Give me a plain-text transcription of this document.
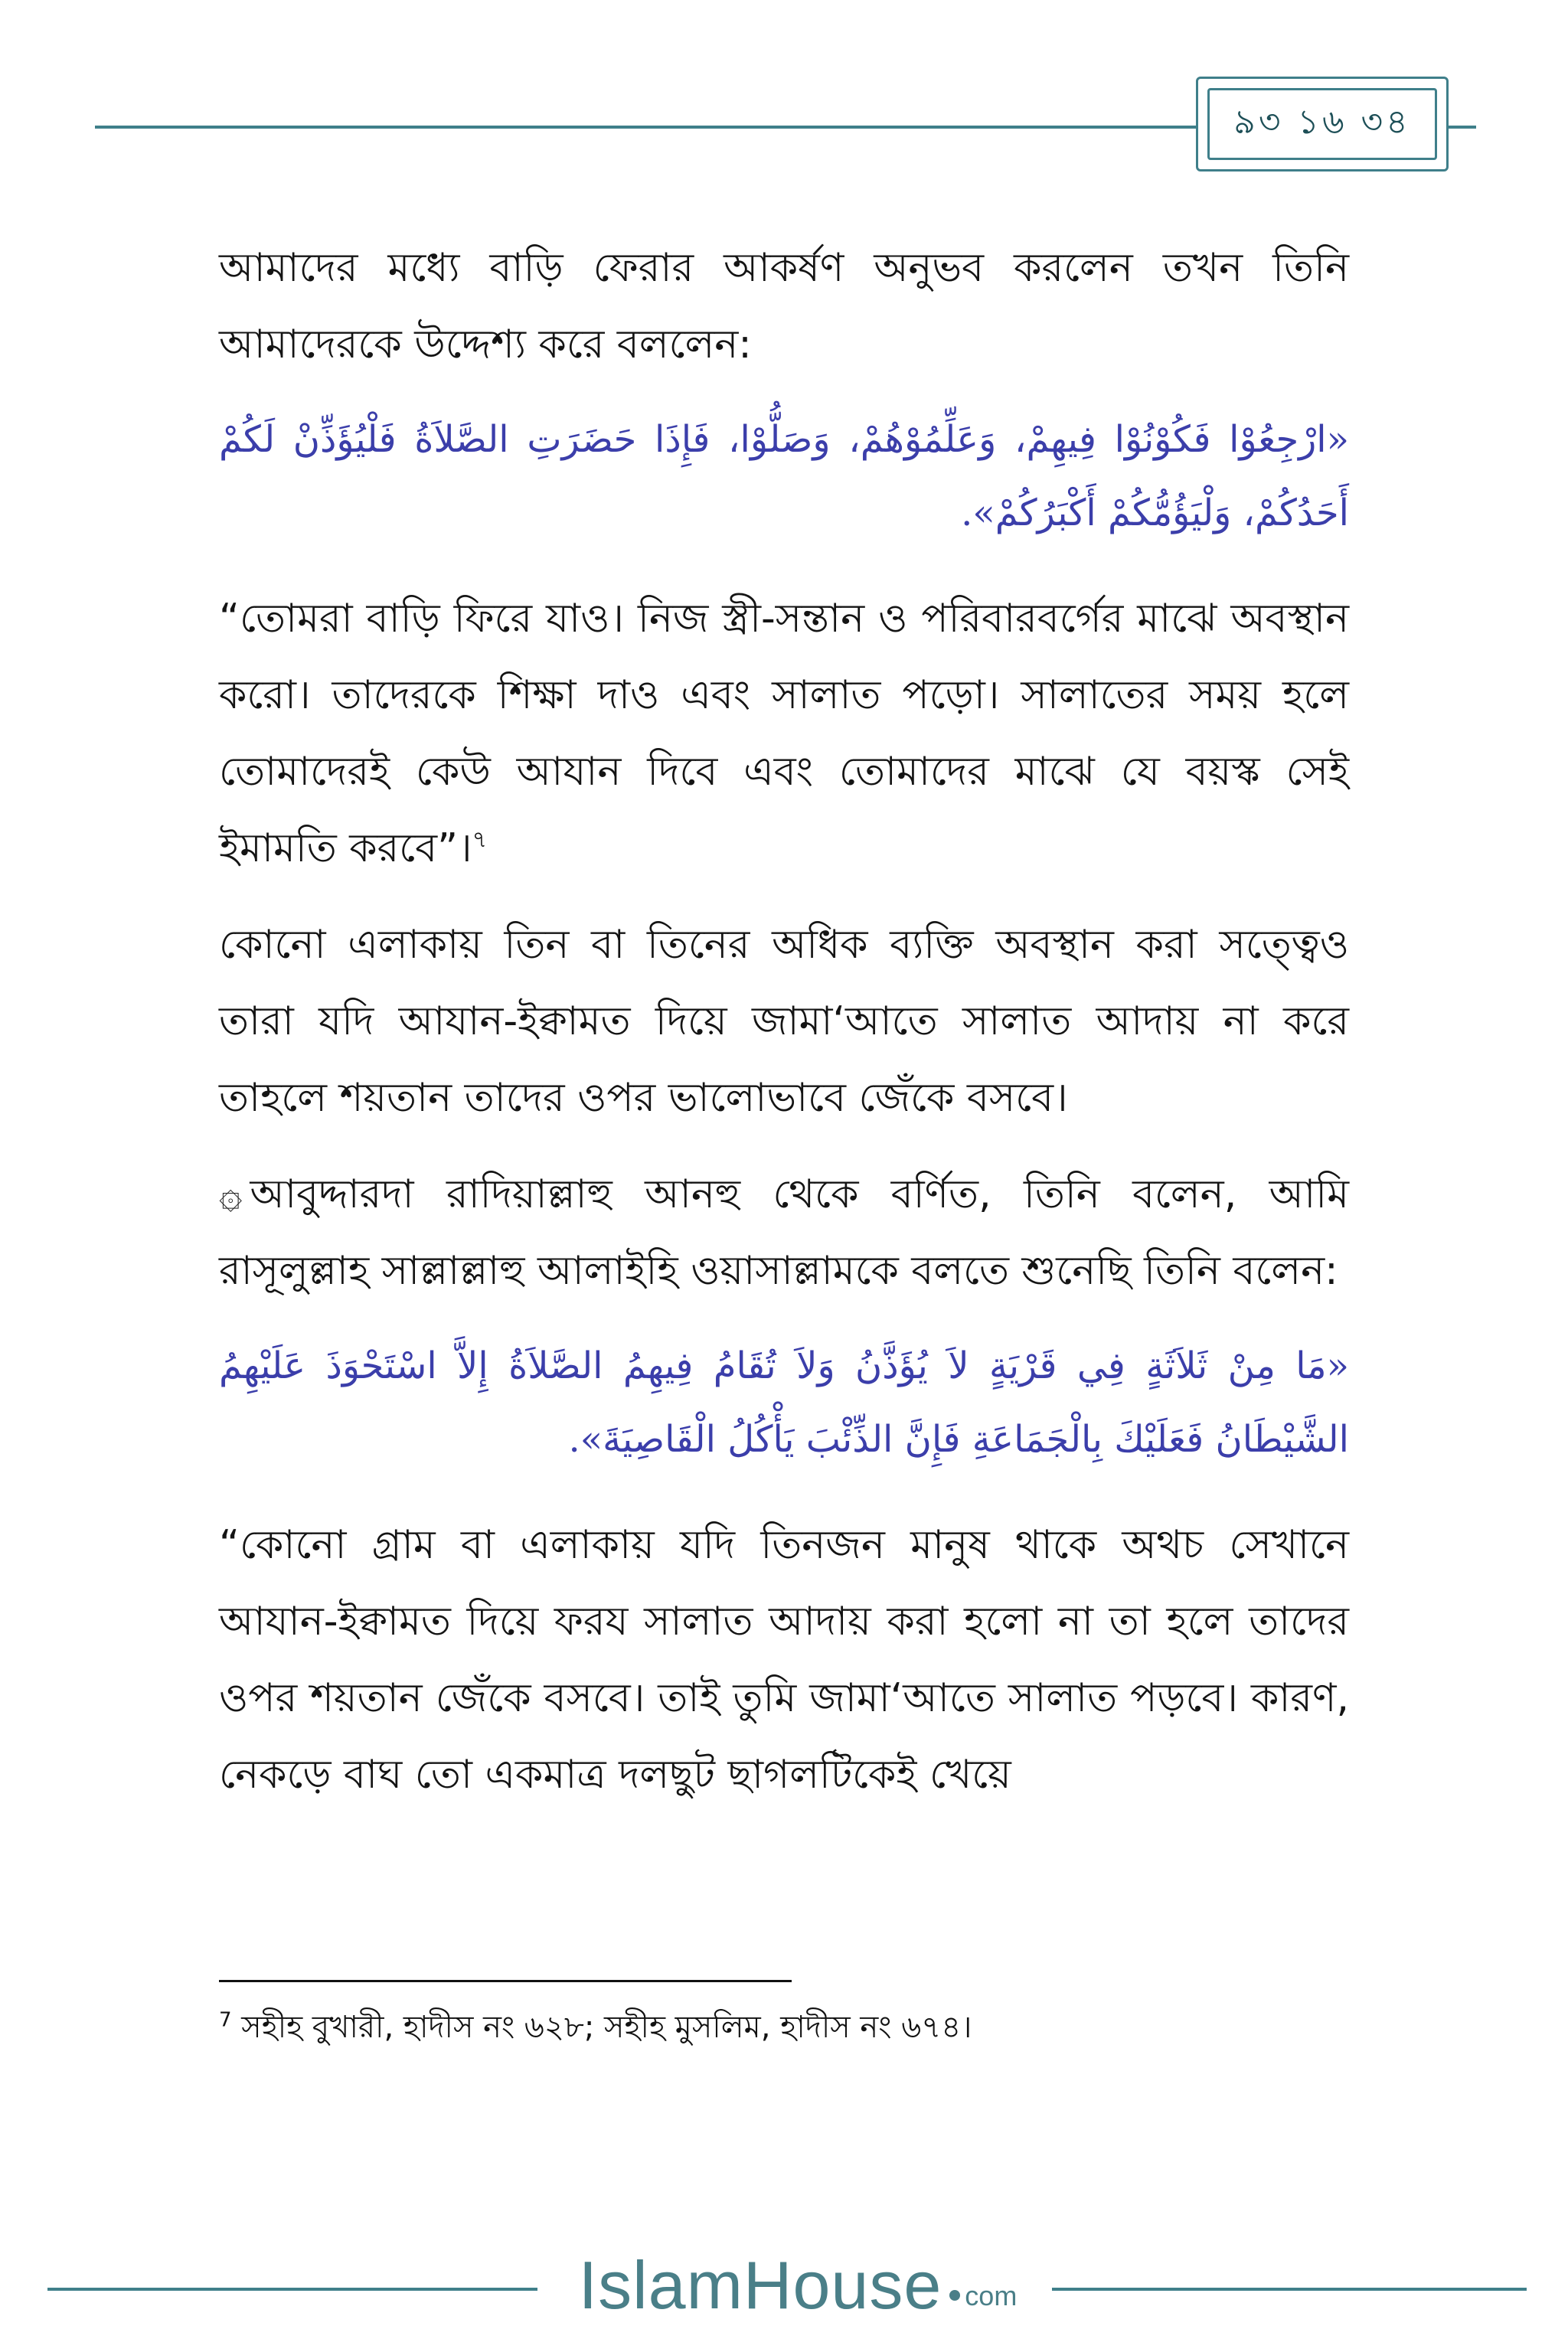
৯৩ ১৬ ৩৪

আমাদের মধ্যে বাড়ি ফেরার আকর্ষণ অনুভব করলেন তখন তিনি আমাদেরকে উদ্দেশ্য করে বললেন:

«ارْجِعُوْا فَكُوْنُوْا فِيهِمْ، وَعَلِّمُوْهُمْ، وَصَلُّوْا، فَإِذَا حَضَرَتِ الصَّلاَةُ فَلْيُؤَذِّنْ لَكُمْ أَحَدُكُمْ، وَلْيَؤُمُّكُمْ أَكْبَرُكُمْ».

“তোমরা বাড়ি ফিরে যাও। নিজ স্ত্রী-সন্তান ও পরিবারবর্গের মাঝে অবস্থান করো। তাদেরকে শিক্ষা দাও এবং সালাত পড়ো। সালাতের সময় হলে তোমাদেরই কেউ আযান দিবে এবং তোমাদের মাঝে যে বয়স্ক সেই ইমামতি করবে”।$^৭$

কোনো এলাকায় তিন বা তিনের অধিক ব্যক্তি অবস্থান করা সত্ত্বেও তারা যদি আযান-ইক্বামত দিয়ে জামা‘আতে সালাত আদায় না করে তাহলে শয়তান তাদের ওপর ভালোভাবে জেঁকে বসবে।

۞ আবুদ্দারদা রাদিয়াল্লাহু আনহু থেকে বর্ণিত, তিনি বলেন, আমি রাসূলুল্লাহ সাল্লাল্লাহু আলাইহি ওয়াসাল্লামকে বলতে শুনেছি তিনি বলেন:

«مَا مِنْ ثَلاَثَةٍ فِي قَرْيَةٍ لاَ يُؤَذَّنُ وَلاَ تُقَامُ فِيهِمُ الصَّلاَةُ إِلاَّ اسْتَحْوَذَ عَلَيْهِمُ الشَّيْطَانُ فَعَلَيْكَ بِالْجَمَاعَةِ فَإِنَّ الذِّئْبَ يَأْكُلُ الْقَاصِيَةَ».

“কোনো গ্রাম বা এলাকায় যদি তিনজন মানুষ থাকে অথচ সেখানে আযান-ইক্বামত দিয়ে ফরয সালাত আদায় করা হলো না তা হলে তাদের ওপর শয়তান জেঁকে বসবে। তাই তুমি জামা‘আতে সালাত পড়বে। কারণ, নেকড়ে বাঘ তো একমাত্র দলছুট ছাগলটিকেই খেয়ে

$^7$ সহীহ বুখারী, হাদীস নং ৬২৮; সহীহ মুসলিম, হাদীস নং ৬৭৪।
IslamHouse com
